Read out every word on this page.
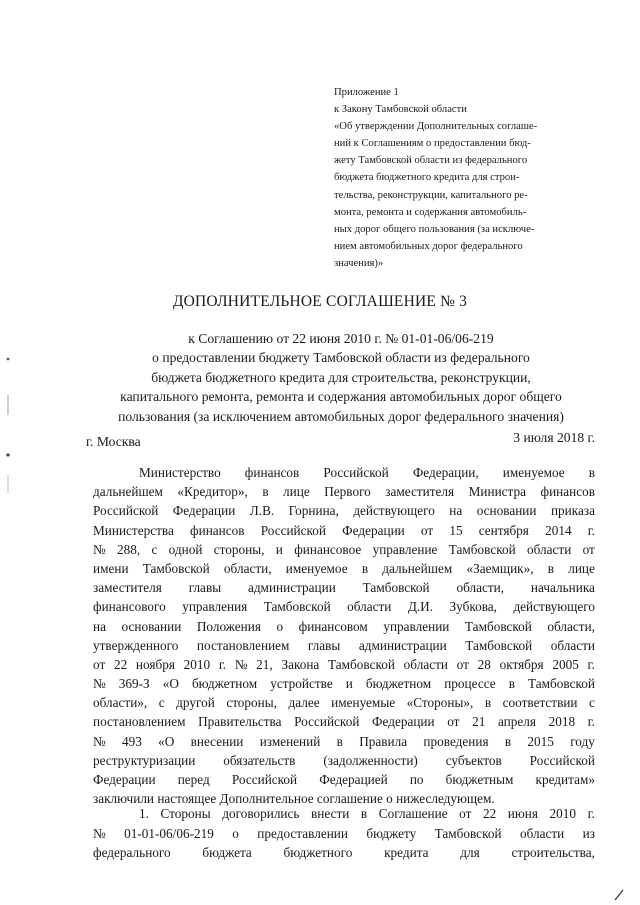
Приложение 1
к Закону Тамбовской области
«Об утверждении Дополнительных соглаше-
ний к Соглашениям о предоставлении бюд-
жету Тамбовской области из федерального
бюджета бюджетного кредита для строи-
тельства, реконструкции, капитального ре-
монта, ремонта и содержания автомобиль-
ных дорог общего пользования (за исключе-
нием автомобильных дорог федерального
значения)»
ДОПОЛНИТЕЛЬНОЕ СОГЛАШЕНИЕ № 3
к Соглашению от 22 июня 2010 г. № 01-01-06/06-219
о предоставлении бюджету Тамбовской области из федерального
бюджета бюджетного кредита для строительства, реконструкции,
капитального ремонта, ремонта и содержания автомобильных дорог общего
пользования (за исключением автомобильных дорог федерального значения)
г. Москва	3 июля 2018 г.
Министерство финансов Российской Федерации, именуемое в
дальнейшем «Кредитор», в лице Первого заместителя Министра финансов
Российской Федерации Л.В. Горнина, действующего на основании приказа
Министерства финансов Российской Федерации от 15 сентября 2014 г.
№ 288, с одной стороны, и финансовое управление Тамбовской области от
имени Тамбовской области, именуемое в дальнейшем «Заемщик», в лице
заместителя главы администрации Тамбовской области, начальника
финансового управления Тамбовской области Д.И. Зубкова, действующего
на основании Положения о финансовом управлении Тамбовской области,
утвержденного постановлением главы администрации Тамбовской области
от 22 ноября 2010 г. № 21, Закона Тамбовской области от 28 октября 2005 г.
№ 369-З «О бюджетном устройстве и бюджетном процессе в Тамбовской
области», с другой стороны, далее именуемые «Стороны», в соответствии с
постановлением Правительства Российской Федерации от 21 апреля 2018 г.
№ 493 «О внесении изменений в Правила проведения в 2015 году
реструктуризации обязательств (задолженности) субъектов Российской
Федерации перед Российской Федерацией по бюджетным кредитам»
заключили настоящее Дополнительное соглашение о нижеследующем.
1. Стороны договорились внести в Соглашение от 22 июня 2010 г.
№ 01-01-06/06-219 о предоставлении бюджету Тамбовской области из
федерального бюджета бюджетного кредита для строительства,
